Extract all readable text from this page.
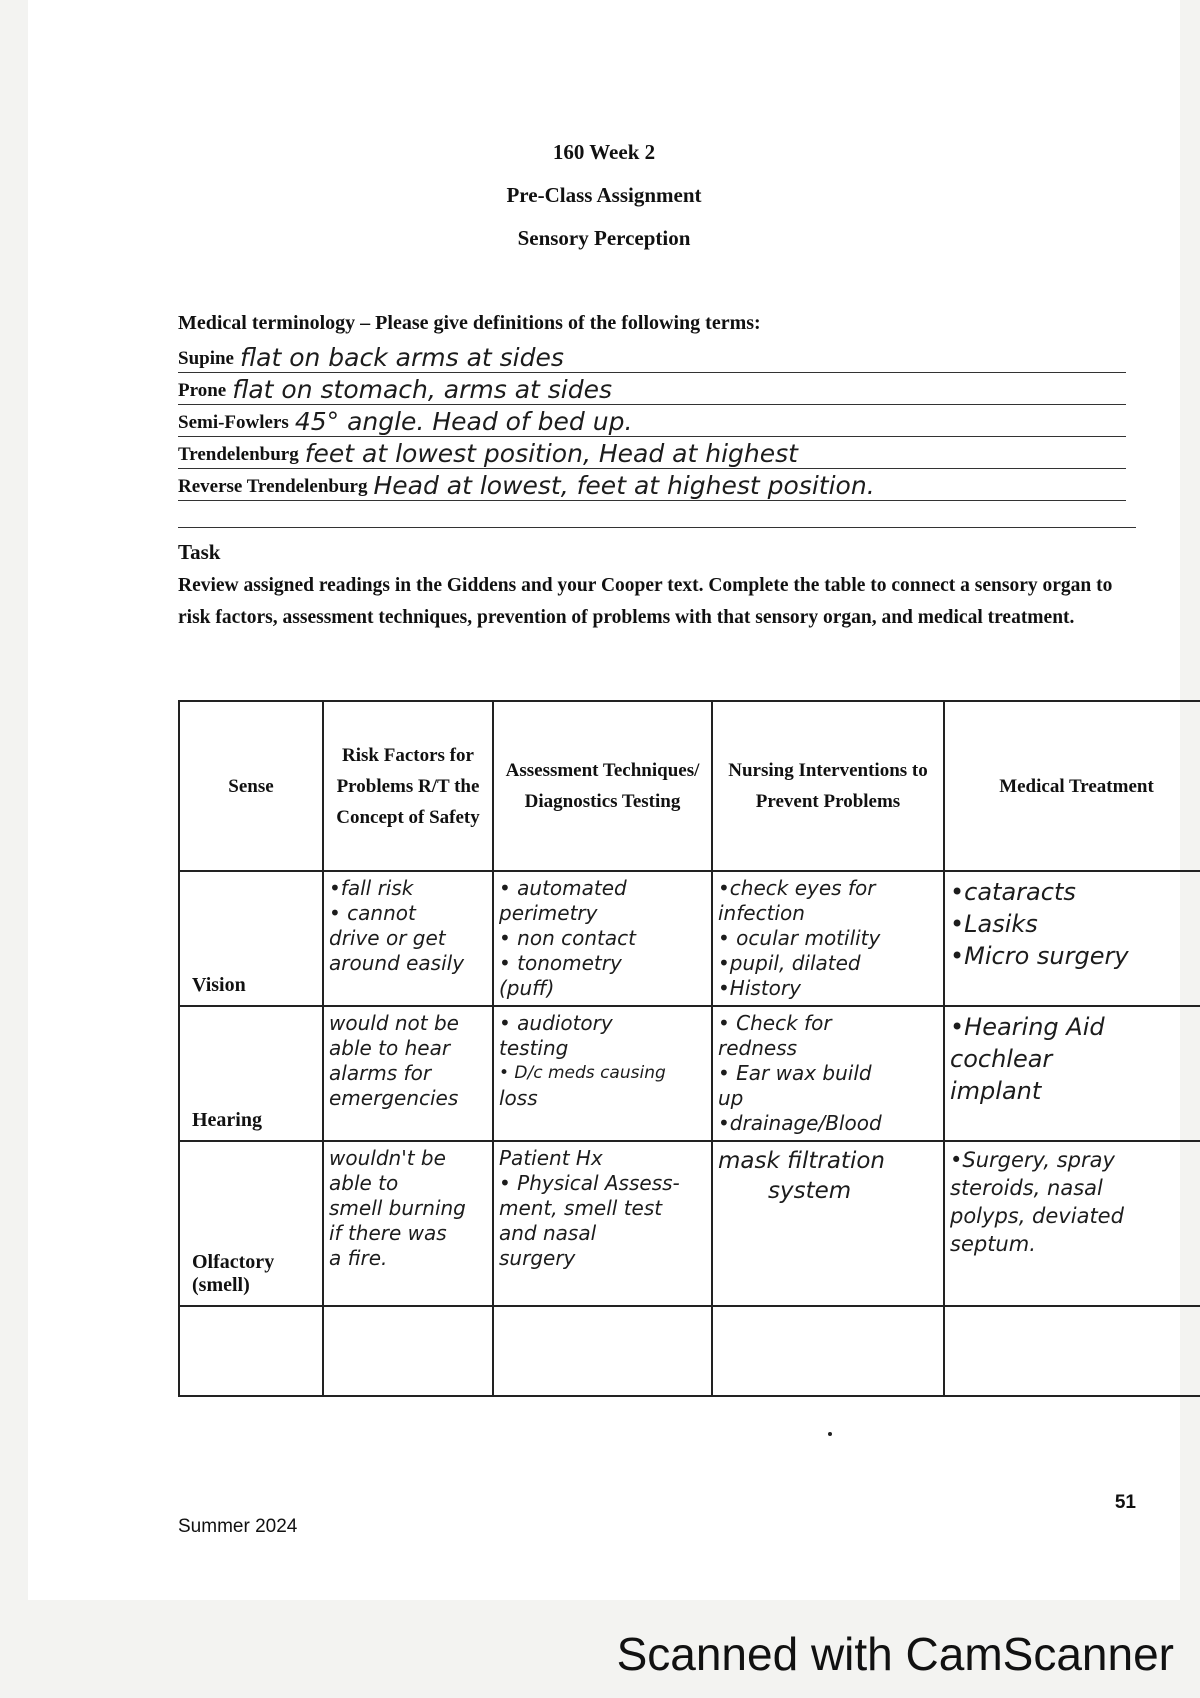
160 Week 2
Pre-Class Assignment
Sensory Perception
Medical terminology – Please give definitions of the following terms:
Supine flat on back arms at sides
Prone flat on stomach, arms at sides
Semi-Fowlers 45° angle. Head of bed up.
Trendelenburg feet at lowest position, Head at highest
Reverse Trendelenburg Head at lowest, feet at highest position.
Task
Review assigned readings in the Giddens and your Cooper text. Complete the table to connect a sensory organ to risk factors, assessment techniques, prevention of problems with that sensory organ, and medical treatment.
Sense	Risk Factors for Problems R/T the Concept of Safety	Assessment Techniques/ Diagnostics Testing	Nursing Interventions to Prevent Problems	Medical Treatment
Vision	•fall risk
• cannot
drive or get
around easily	• automated
perimetry
• non contact
• tonometry
(puff)	•check eyes for
infection
• ocular motility
•pupil, dilated
•History	•cataracts
•Lasiks
•Micro surgery

Hearing	would not be
able to hear
alarms for
emergencies	• audiotory
testing
• D/c meds causing
loss	• Check for
redness
• Ear wax build
up
•drainage/Blood	•Hearing Aid
cochlear
implant

Olfactory (smell)	wouldn't be
able to
smell burning
if there was
a fire.	Patient Hx
• Physical Assess-
ment, smell test
and nasal
surgery	mask filtration
system	•Surgery, spray
steroids, nasal
polyps, deviated
septum.

51
Summer 2024
Scanned with CamScanner
